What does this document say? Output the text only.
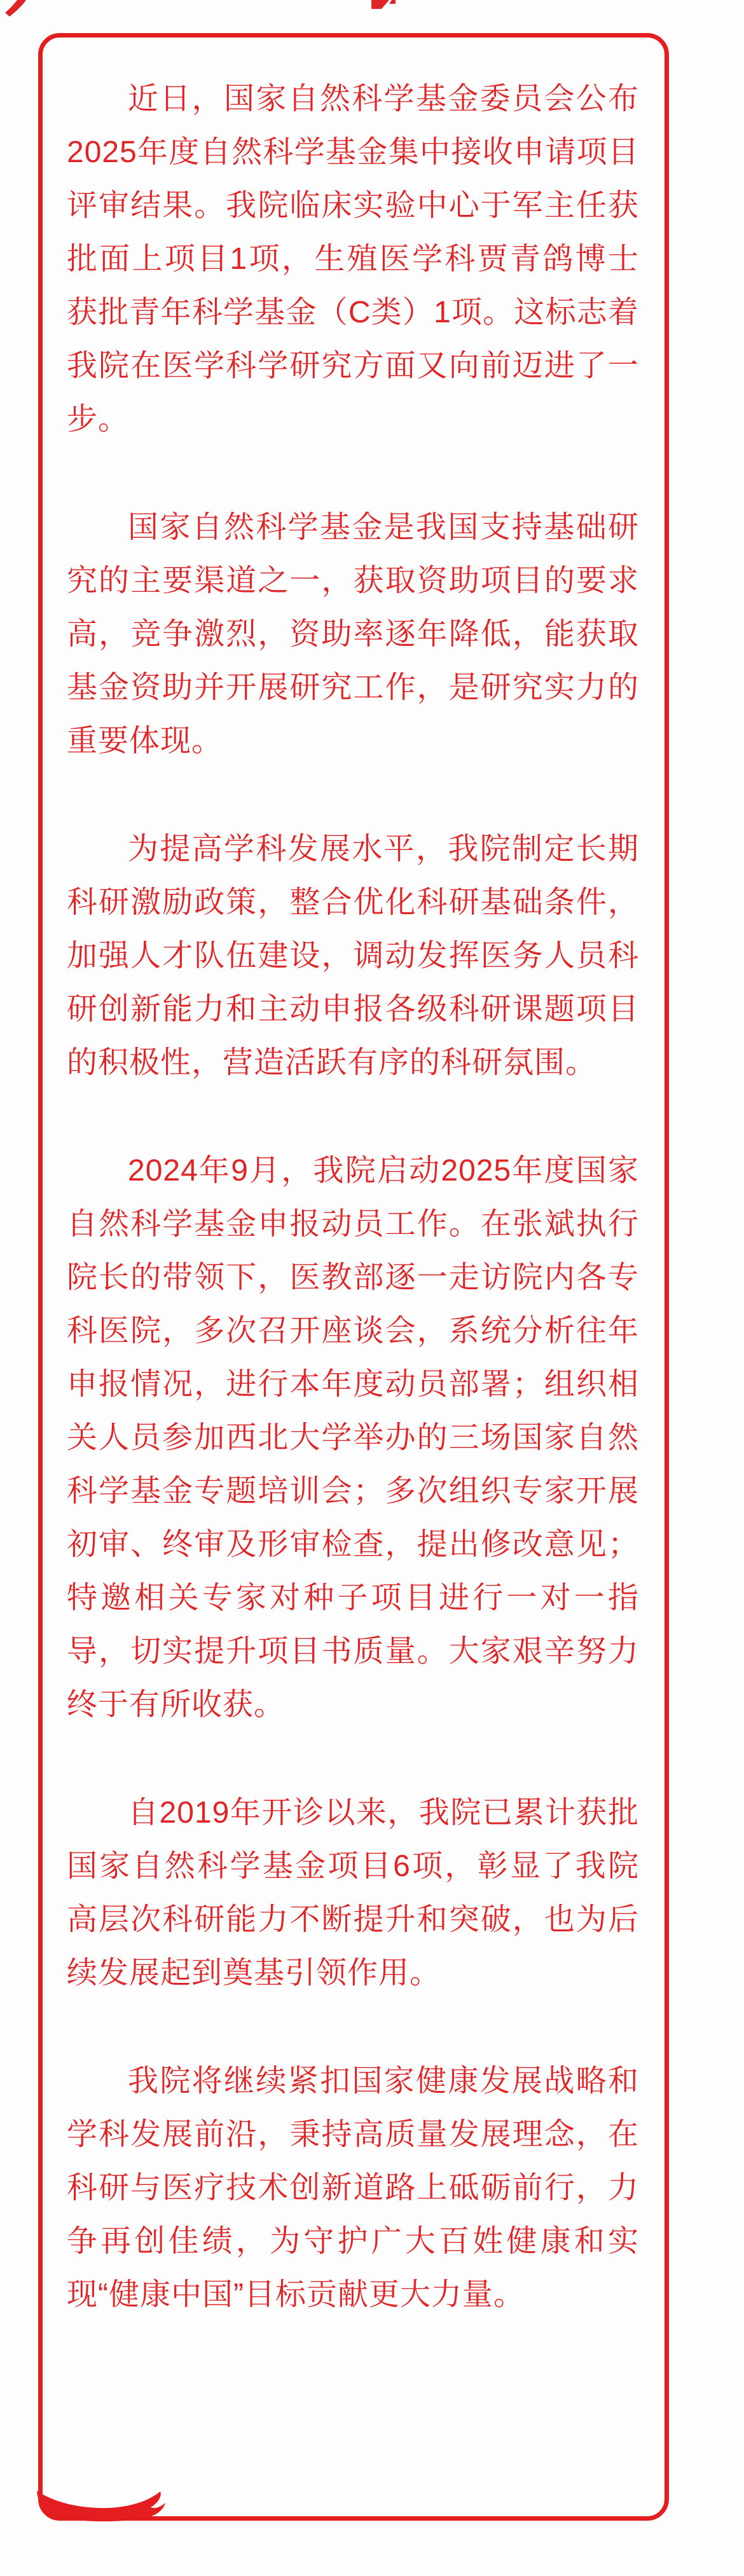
近日，国家自然科学基金委员会公布2025年度自然科学基金集中接收申请项目评审结果。我院临床实验中心于军主任获批面上项目1项，生殖医学科贾青鸽博士获批青年科学基金（C类）1项。这标志着我院在医学科学研究方面又向前迈进了一步。

国家自然科学基金是我国支持基础研究的主要渠道之一，获取资助项目的要求高，竞争激烈，资助率逐年降低，能获取基金资助并开展研究工作，是研究实力的重要体现。

为提高学科发展水平，我院制定长期科研激励政策，整合优化科研基础条件，加强人才队伍建设，调动发挥医务人员科研创新能力和主动申报各级科研课题项目的积极性，营造活跃有序的科研氛围。

2024年9月，我院启动2025年度国家自然科学基金申报动员工作。在张斌执行院长的带领下，医教部逐一走访院内各专科医院，多次召开座谈会，系统分析往年申报情况，进行本年度动员部署；组织相关人员参加西北大学举办的三场国家自然科学基金专题培训会；多次组织专家开展初审、终审及形审检查，提出修改意见；特邀相关专家对种子项目进行一对一指导，切实提升项目书质量。大家艰辛努力终于有所收获。

自2019年开诊以来，我院已累计获批国家自然科学基金项目6项，彰显了我院高层次科研能力不断提升和突破，也为后续发展起到奠基引领作用。

我院将继续紧扣国家健康发展战略和学科发展前沿，秉持高质量发展理念，在科研与医疗技术创新道路上砥砺前行，力争再创佳绩，为守护广大百姓健康和实现“健康中国”目标贡献更大力量。
